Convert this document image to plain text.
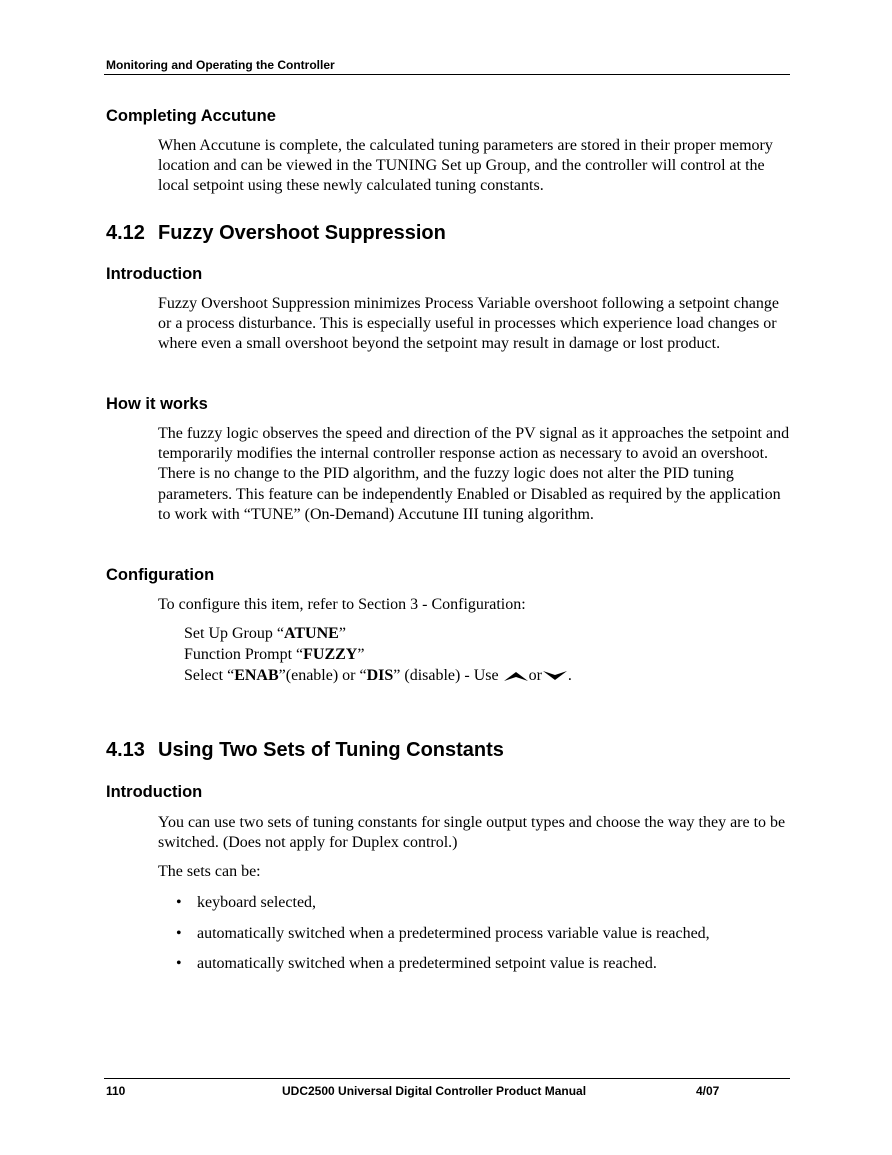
Monitoring and Operating the Controller
Completing Accutune

When Accutune is complete, the calculated tuning parameters are stored in their proper memory location and can be viewed in the TUNING Set up Group, and the controller will control at the local setpoint using these newly calculated tuning constants.

4.12 Fuzzy Overshoot Suppression
Introduction

Fuzzy Overshoot Suppression minimizes Process Variable overshoot following a setpoint change or a process disturbance. This is especially useful in processes which experience load changes or where even a small overshoot beyond the setpoint may result in damage or lost product.

How it works

The fuzzy logic observes the speed and direction of the PV signal as it approaches the setpoint and temporarily modifies the internal controller response action as necessary to avoid an overshoot. There is no change to the PID algorithm, and the fuzzy logic does not alter the PID tuning parameters. This feature can be independently Enabled or Disabled as required by the application to work with “TUNE” (On-Demand) Accutune III tuning algorithm.

Configuration

To configure this item, refer to Section 3 - Configuration:

Set Up Group “ATUNE”
Function Prompt “FUZZY”
Select “ENAB”(enable) or “DIS” (disable) - Use or .
4.13 Using Two Sets of Tuning Constants
Introduction

You can use two sets of tuning constants for single output types and choose the way they are to be switched. (Does not apply for Duplex control.)

The sets can be:

• keyboard selected,
• automatically switched when a predetermined process variable value is reached,
• automatically switched when a predetermined setpoint value is reached.
110	UDC2500 Universal Digital Controller Product Manual	4/07
